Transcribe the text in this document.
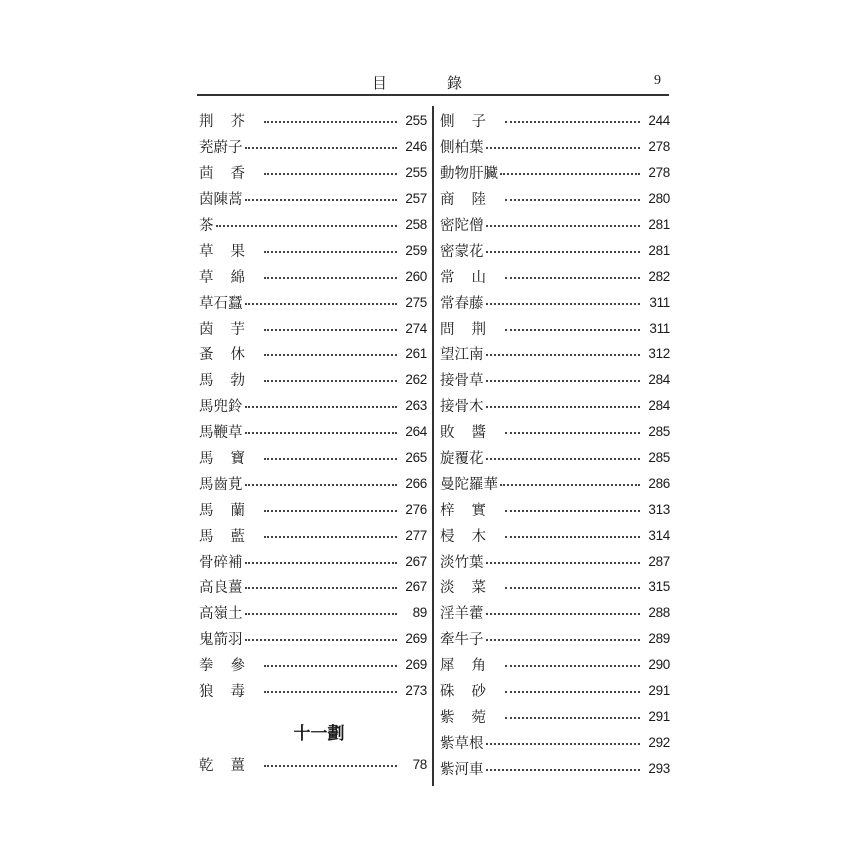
目	錄	9
荆芥	255
茺蔚子	246
茴香	255
茵陳蒿	257
茶	258
草果	259
草綿	260
草石蠶	275
茵芋	274
蚤休	261
馬勃	262
馬兜鈴	263
馬鞭草	264
馬寶	265
馬齒莧	266
馬蘭	276
馬藍	277
骨碎補	267
高良薑	267
高嶺土	89
鬼箭羽	269
拳參	269
狼毒	273
十一劃
乾薑	78
側子	244
側柏葉	278
動物肝臟	278
商陸	280
密陀僧	281
密蒙花	281
常山	282
常春藤	311
問荆	311
望江南	312
接骨草	284
接骨木	284
敗醬	285
旋覆花	285
曼陀羅華	286
梓實	313
梫木	314
淡竹葉	287
淡菜	315
淫羊藿	288
牽牛子	289
犀角	290
硃砂	291
紫菀	291
紫草根	292
紫河車	293
